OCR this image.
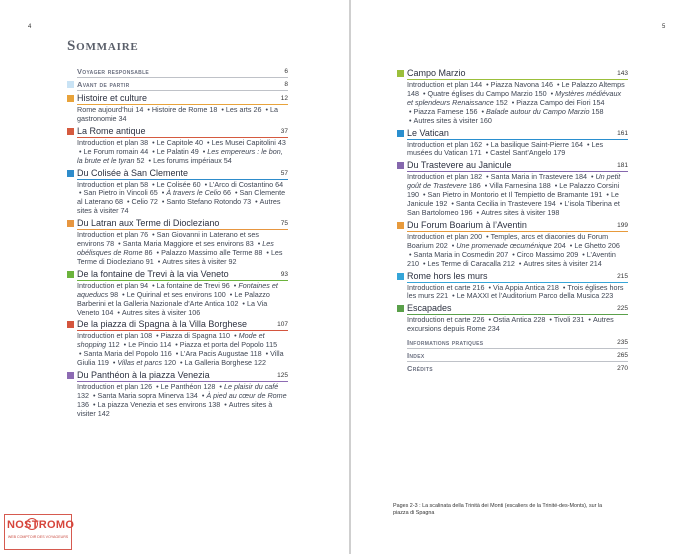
4
Sommaire
Voyager responsable	6
Avant de partir	8
Histoire et culture	12
Rome aujourd’hui 14 • Histoire de Rome 18 • Les arts 26 • La gastronomie 34
La Rome antique	37
Introduction et plan 38 • Le Capitole 40 • Les Musei Capitolini 43 • Le Forum romain 44 • Le Palatin 49 • Les empereurs : le bon, la brute et le tyran 52 • Les forums impériaux 54
Du Colisée à San Clemente	57
Introduction et plan 58 • Le Colisée 60 • L’Arco di Costantino 64 • San Pietro in Vincoli 65 • À travers le Celio 66 • San Clemente al Laterano 68 • Celio 72 • Santo Stefano Rotondo 73 • Autres sites à visiter 74
Du Latran aux Terme di Diocleziano	75
Introduction et plan 76 • San Giovanni in Laterano et ses environs 78 • Santa Maria Maggiore et ses environs 83 • Les obélisques de Rome 86 • Palazzo Massimo alle Terme 88 • Les Terme di Diocleziano 91 • Autres sites à visiter 92
De la fontaine de Trevi à la via Veneto	93
Introduction et plan 94 • La fontaine de Trevi 96 • Fontaines et aqueducs 98 • Le Quirinal et ses environs 100 • Le Palazzo Barberini et la Galleria Nazionale d’Arte Antica 102 • La Via Veneto 104 • Autres sites à visiter 106
De la piazza di Spagna à la Villa Borghese	107
Introduction et plan 108 • Piazza di Spagna 110 • Mode et shopping 112 • Le Pincio 114 • Piazza et porta del Popolo 115 • Santa Maria del Popolo 116 • L’Ara Pacis Augustae 118 • Villa Giulia 119 • Villas et parcs 120 • La Galleria Borghese 122
Du Panthéon à la piazza Venezia	125
Introduction et plan 126 • Le Panthéon 128 • Le plaisir du café 132 • Santa Maria sopra Minerva 134 • À pied au cœur de Rome 136 • La piazza Venezia et ses environs 138 • Autres sites à visiter 142
5
Campo Marzio	143
Introduction et plan 144 • Piazza Navona 146 • Le Palazzo Altemps 148 • Quatre églises du Campo Marzio 150 • Mystères médiévaux et splendeurs Renaissance 152 • Piazza Campo dei Fiori 154 • Piazza Farnese 156 • Balade autour du Campo Marzio 158 • Autres sites à visiter 160
Le Vatican	161
Introduction et plan 162 • La basilique Saint-Pierre 164 • Les musées du Vatican 171 • Castel Sant’Angelo 179
Du Trastevere au Janicule	181
Introduction et plan 182 • Santa Maria in Trastevere 184 • Un petit goût de Trastevere 186 • Villa Farnesina 188 • Le Palazzo Corsini 190 • San Pietro in Montorio et Il Tempietto de Bramante 191 • Le Janicule 192 • Santa Cecilia in Trastevere 194 • L’isola Tiberina et San Bartolomeo 196 • Autres sites à visiter 198
Du Forum Boarium à l’Aventin	199
Introduction et plan 200 • Temples, arcs et diaconies du Forum Boarium 202 • Une promenade œcuménique 204 • Le Ghetto 206 • Santa Maria in Cosmedin 207 • Circo Massimo 209 • L’Aventin 210 • Les Terme di Caracalla 212 • Autres sites à visiter 214
Rome hors les murs	215
Introduction et carte 216 • Via Appia Antica 218 • Trois églises hors les murs 221 • Le MAXXI et l’Auditorium Parco della Musica 223
Escapades	225
Introduction et carte 226 • Ostia Antica 228 • Tivoli 231 • Autres excursions depuis Rome 234
Informations pratiques	235
Index	265
Crédits	270
Pages 2-3 : La scalinata della Trinità dei Monti (escaliers de la Trinité-des-Monts), sur la piazza di Spagna
NOSTROMO
WEB COMPTOIR DES VOYAGEURS
